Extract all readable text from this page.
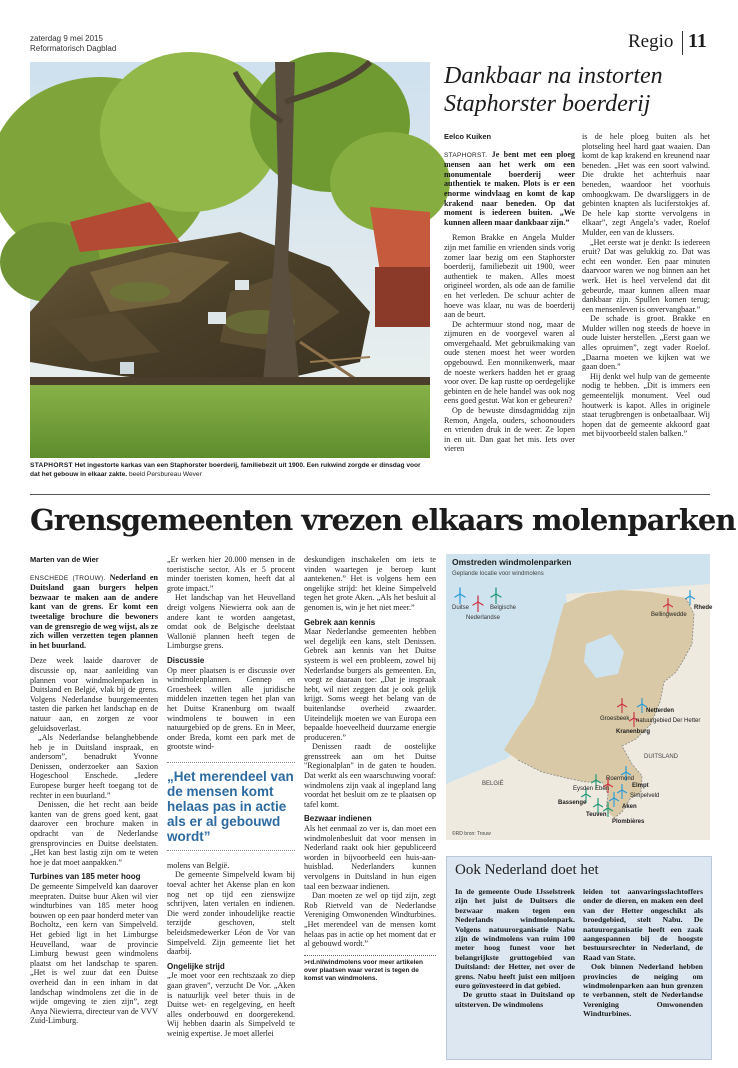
zaterdag 9 mei 2015
Reformatorisch Dagblad	Regio 11
STAPHORST Het ingestorte karkas van een Staphorster boerderij, familiebezit uit 1900. Een rukwind zorgde er dinsdag voor dat het gebouw in elkaar zakte. beeld Persbureau Wever
Dankbaar na instorten
Staphorster boerderij
Eelco Kuiken

STAPHORST. Je bent met een ploeg mensen aan het werk om een monumentale boerderij weer authentiek te maken. Plots is er een enorme windvlaag en komt de kap krakend naar beneden. Op dat moment is iedereen buiten. „We kunnen alleen maar dankbaar zijn.”

Remon Brakke en Angela Mulder zijn met familie en vrienden sinds vorig zomer laar bezig om een Staphorster boerderij, familiebezit uit 1900, weer authentiek te maken. Alles moest origineel worden, als ode aan de familie en het verleden. De schuur achter de hoeve was klaar, nu was de boerderij aan de beurt.

De achtermuur stond nog, maar de zijmuren en de voorgevel waren al omvergehaald. Met gebruikmaking van oude stenen moest het weer worden opgebouwd. Een monnikenwerk, maar de noeste werkers hadden het er graag voor over. De kap rustte op oerdegelijke gebinten en de hele handel was ook nog eens goed gestut. Wat kon er gebeuren?

Op de bewuste dinsdagmiddag zijn Remon, Angela, ouders, schoonouders en vrienden druk in de weer. Ze lopen in en uit. Dan gaat het mis. Iets over vieren

is de hele ploeg buiten als het plotseling heel hard gaat waaien. Dan komt de kap krakend en kreunend naar beneden. „Het was een soort valwind. Die drukte het achterhuis naar beneden, waardoor het voorhuis omhoogkwam. De dwarsliggers in de gebinten knapten als luciferstokjes af. De hele kap stortte vervolgens in elkaar”, zegt Angela’s vader, Roelof Mulder, een van de klussers.

„Het eerste wat je denkt: Is iedereen eruit? Dat was gelukkig zo. Dat was echt een wonder. Een paar minuten daarvoor waren we nog binnen aan het werk. Het is heel vervelend dat dit gebeurde, maar kunnen alleen maar dankbaar zijn. Spullen komen terug; een mensenleven is onvervangbaar.”

De schade is groot. Brakke en Mulder willen nog steeds de hoeve in oude luister herstellen. „Eerst gaan we alles opruimen”, zegt vader Roelof. „Daarna moeten we kijken wat we gaan doen.”

Hij denkt wel hulp van de gemeente nodig te hebben. „Dit is immers een gemeentelijk monument. Veel oud houtwerk is kapot. Alles in originele staat terugbrengen is onbetaalbaar. Wij hopen dat de gemeente akkoord gaat met bijvoorbeeld stalen balken.”

Grensgemeenten vrezen elkaars molenparken
Marten van de Wier

ENSCHEDE (TROUW). Nederland en Duitsland gaan burgers helpen bezwaar te maken aan de andere kant van de grens. Er komt een tweetalige brochure die bewoners van de grensregio de weg wijst, als ze zich willen verzetten tegen plannen in het buurland.

Deze week laaide daarover de discussie op, naar aanleiding van plannen voor windmolenparken in Duitsland en België, vlak bij de grens. Volgens Nederlandse buurgemeenten tasten die parken het landschap en de natuur aan, en zorgen ze voor geluidsoverlast.

„Als Nederlandse belanghebbende heb je in Duitsland inspraak, en andersom”, benadrukt Yvonne Denissen, onderzoeker aan Saxion Hogeschool Enschede. „Iedere Europese burger heeft toegang tot de rechter in een buurland.”

Denissen, die het recht aan beide kanten van de grens goed kent, gaat daarover een brochure maken in opdracht van de Nederlandse grensprovincies en Duitse deelstaten. „Het kan best lastig zijn om te weten hoe je dat moet aanpakken.”

Turbines van 185 meter hoog

De gemeente Simpelveld kan daarover meepraten. Duitse buur Aken wil vier windturbines van 185 meter hoog bouwen op een paar honderd meter van Bocholtz, een kern van Simpelveld. Het gebied ligt in het Limburgse Heuvelland, waar de provincie Limburg bewust geen windmolens plaatst om het landschap te sparen. „Het is wel zuur dat een Duitse overheid dan in een inham in dat landschap windmolens zet die in de wijde omgeving te zien zijn”, zegt Anya Niewierra, directeur van de VVV Zuid-Limburg.

„Er werken hier 20.000 mensen in de toeristische sector. Als er 5 procent minder toeristen komen, heeft dat al grote impact.”

Het landschap van het Heuvelland dreigt volgens Niewierra ook aan de andere kant te worden aangetast, omdat ook de Belgische deelstaat Wallonië plannen heeft tegen de Limburgse grens.

Discussie

Op meer plaatsen is er discussie over windmolenplannen. Gennep en Groesbeek willen alle juridische middelen inzetten tegen het plan van het Duitse Kranenburg om twaalf windmolens te bouwen in een natuurgebied op de grens. En in Meer, onder Breda, komt een park met de grootste wind-

„Het merendeel van de mensen komt helaas pas in actie als er al gebouwd wordt”

molens van België.

De gemeente Simpelveld kwam bij toeval achter het Akense plan en kon nog net op tijd een zienswijze schrijven, laten vertalen en indienen. Die werd zonder inhoudelijke reactie terzijde geschoven, stelt beleidsmedewerker Léon de Vor van Simpelveld. Zijn gemeente liet het daarbij.

Ongelijke strijd

„Je moet voor een rechtszaak zo diep gaan graven”, verzucht De Vor. „Aken is natuurlijk veel beter thuis in de Duitse wet- en regelgeving, en heeft alles onderbouwd en doorgerekend. Wij hebben daarin als Simpelveld te weinig expertise. Je moet allerlei

deskundigen inschakelen om iets te vinden waartegen je beroep kunt aantekenen.” Het is volgens hem een ongelijke strijd: het kleine Simpelveld tegen het grote Aken. „Als het besluit al genomen is, win je het niet meer.”

Gebrek aan kennis

Maar Nederlandse gemeenten hebben wel degelijk een kans, stelt Denissen. Gebrek aan kennis van het Duitse systeem is wel een probleem, zowel bij Nederlandse burgers als gemeenten. En, voegt ze daaraan toe: „Dat je inspraak hebt, wil niet zeggen dat je ook gelijk krijgt. Soms weegt het belang van de buitenlandse overheid zwaarder. Uiteindelijk moeten we van Europa een bepaalde hoeveelheid duurzame energie produceren.”

Denissen raadt de oostelijke grensstreek aan om het Duitse "Regionalplan" in de gaten te houden. Dat werkt als een waarschuwing vooraf: windmolens zijn vaak al ingepland lang voordat het besluit om ze te plaatsen op tafel komt.

Bezwaar indienen

Als het eenmaal zo ver is, dan moet een windmolenbesluit dat voor mensen in Nederland raakt ook hier gepubliceerd worden in bijvoorbeeld een huis-aan-huisblad. Nederlanders kunnen vervolgens in Duitsland in hun eigen taal een bezwaar indienen.

Dan moeten ze wel op tijd zijn, zegt Rob Rietveld van de Nederlandse Vereniging Omwonenden Windturbines. „Het merendeel van de mensen komt helaas pas in actie op het moment dat er al gebouwd wordt.”

>rd.nl/windmolens voor meer artikelen over plaatsen waar verzet is tegen de komst van windmolens.
Omstreden windmolenparken
Geplande locatie voor windmolens
Duitse	Belgische
Nederlandse
Rhede
Bellingwedde
Groesbeek
Netterden
natuurgebied Der Hetter
Kranenburg
DUITSLAND
Roermond
Elmpt
Eysden Eben
Simpelveld
BELGIË
Bassenge
Aken
Teuven
Plombières
©RD bron: Trouw
Ook Nederland doet het

In de gemeente Oude IJsselstreek zijn het juist de Duitsers die bezwaar maken tegen een Nederlands windmolenpark. Volgens natuurorganisatie Nabu zijn de windmolens van ruim 100 meter hoog funest voor het belangrijkste gruttogebied van Duitsland: der Hetter, net over de grens. Nabu heeft juist een miljoen euro geïnvesteerd in dat gebied.

De grutto staat in Duitsland op uitsterven. De windmolens

leiden tot aanvaringsslachtoffers onder de dieren, en maken een deel van der Hetter ongeschikt als broedgebied, stelt Nabu. De natuurorganisatie heeft een zaak aangespannen bij de hoogste bestuursrechter in Nederland, de Raad van State.

Ook binnen Nederland hebben provincies de neiging om windmolenparken aan hun grenzen te verbannen, stelt de Nederlandse Vereniging Omwonenden Windturbines.
